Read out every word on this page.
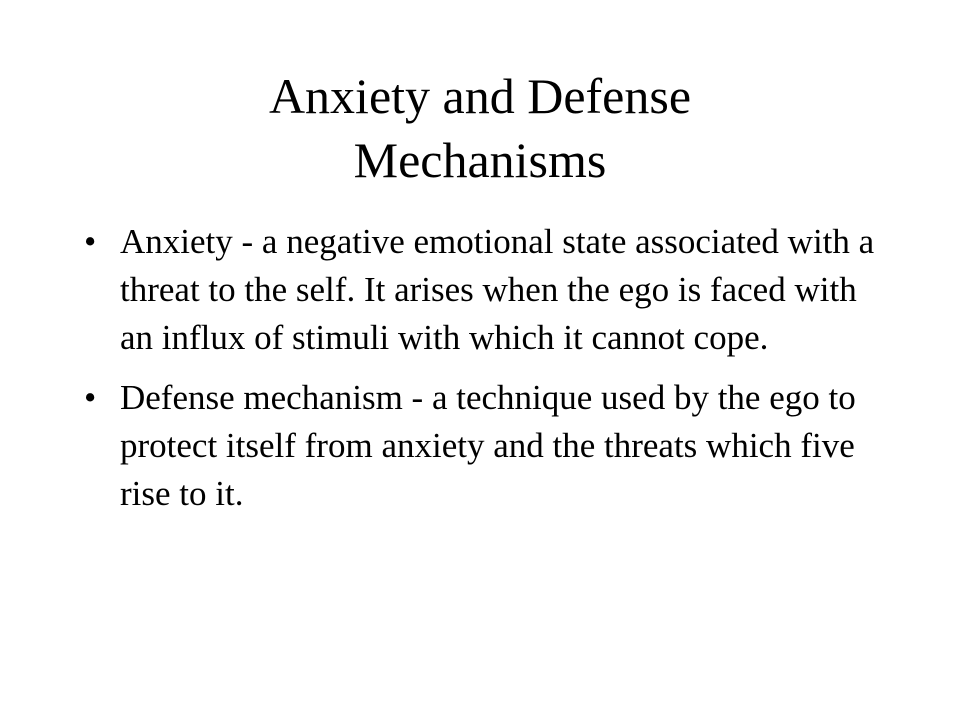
Anxiety and Defense
Mechanisms
• Anxiety - a negative emotional state associated with a threat to the self. It arises when the ego is faced with an influx of stimuli with which it cannot cope.
• Defense mechanism - a technique used by the ego to protect itself from anxiety and the threats which five rise to it.
